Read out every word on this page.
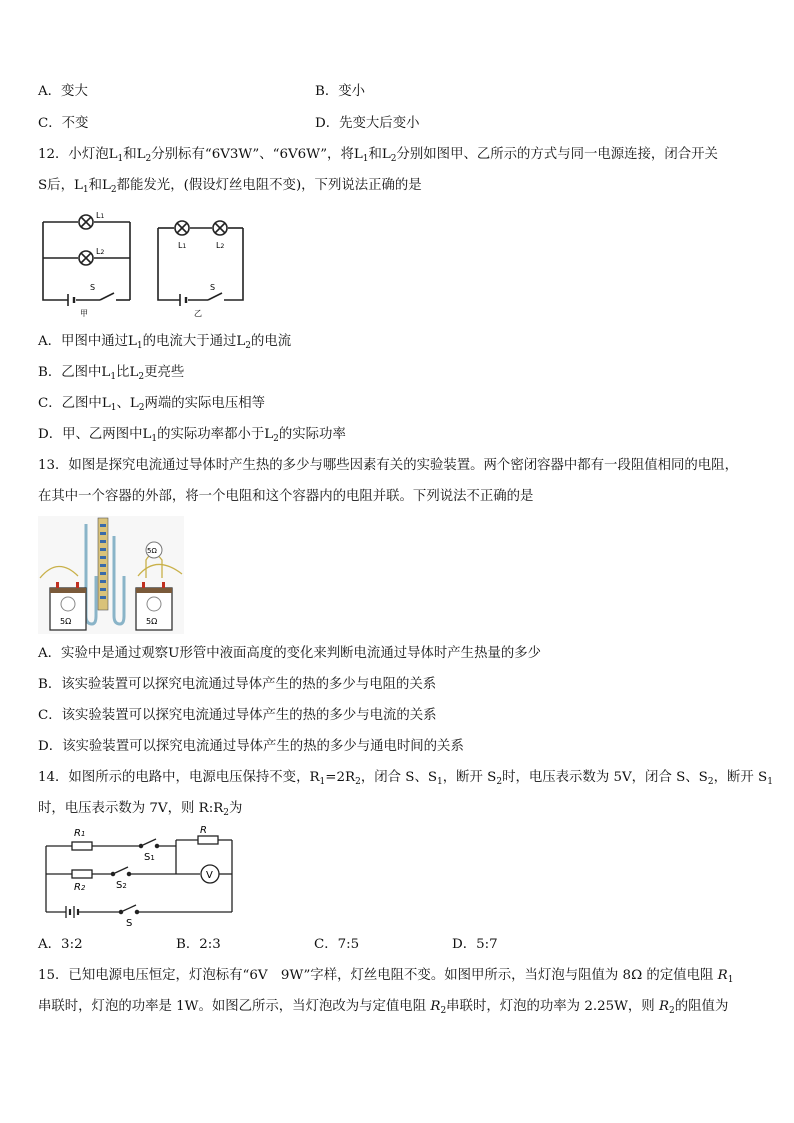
A．变大	B．变小
C．不变	D．先变大后变小
12．小灯泡$L_1$和$L_2$分别标有“6V3W”、“6V6W”，将$L_1$和$L_2$分别如图甲、乙所示的方式与同一电源连接，闭合开关
S后，$L_1$和$L_2$都能发光，(假设灯丝电阻不变)，下列说法正确的是
L1
L2
S
甲
L1	L2
S
乙
A．甲图中通过$L_1$的电流大于通过$L_2$的电流
B．乙图中$L_1$比$L_2$更亮些
C．乙图中$L_1$、$L_2$两端的实际电压相等
D．甲、乙两图中$L_1$的实际功率都小于$L_2$的实际功率
13．如图是探究电流通过导体时产生热的多少与哪些因素有关的实验装置。两个密闭容器中都有一段阻值相同的电阻，
在其中一个容器的外部，将一个电阻和这个容器内的电阻并联。下列说法不正确的是
5Ω	5Ω
5Ω
A．实验中是通过观察U形管中液面高度的变化来判断电流通过导体时产生热量的多少
B．该实验装置可以探究电流通过导体产生的热的多少与电阻的关系
C．该实验装置可以探究电流通过导体产生的热的多少与电流的关系
D．该实验装置可以探究电流通过导体产生的热的多少与通电时间的关系
14．如图所示的电路中，电源电压保持不变，$R_1=2R_2$，闭合 S、$S_1$，断开 $S_2$时，电压表示数为 5V，闭合 S、$S_2$，断开 $S_1$
时，电压表示数为 7V，则 $R:R_2$为
V
R1
S1
R
R2	S2
S
A．3:2	B．2:3	C．7:5	D．5:7
15．已知电源电压恒定，灯泡标有“6V　9W”字样，灯丝电阻不变。如图甲所示，当灯泡与阻值为 8Ω 的定值电阻 $R_1$
串联时，灯泡的功率是 1W。如图乙所示，当灯泡改为与定值电阻 $R_2$串联时，灯泡的功率为 2.25W，则 $R_2$的阻值为
